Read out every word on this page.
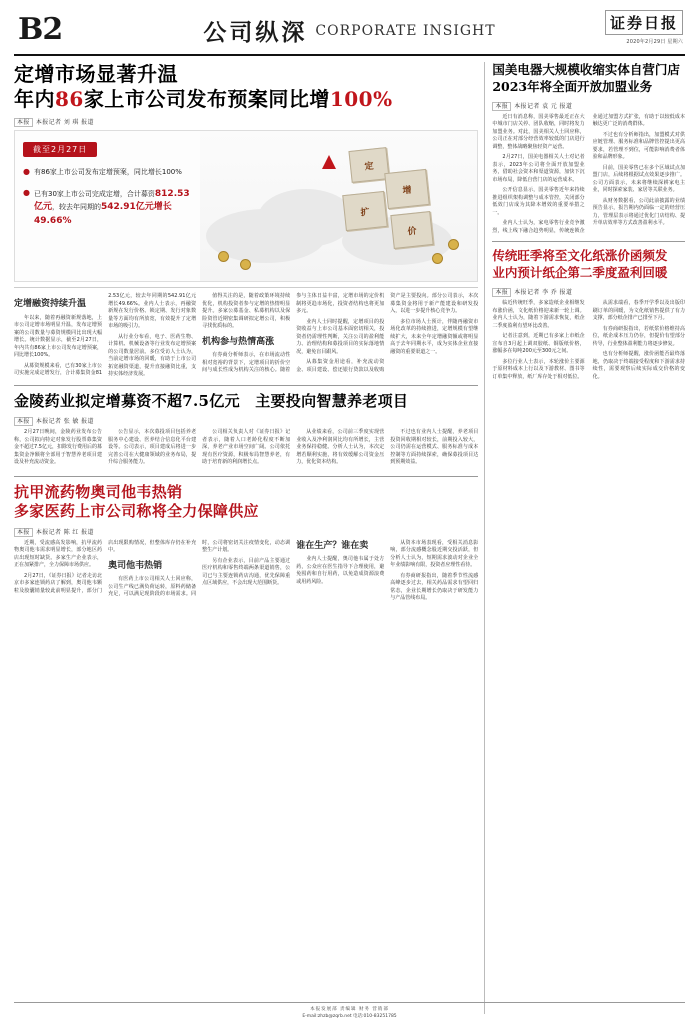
B2	公司纵深 CORPORATE INSIGHT	证券日报
2020年2月29日 星期六
定增市场显著升温
年内86家上市公司发布预案同比增100%
本报 本报记者 刘 琪 报道
截至2月27日
● 有86家上市公司发布定增预案，同比增长100%
● 已有30家上市公司完成定增，合计募资812.53亿元，较去年同期的542.91亿元增长49.66%
定
增
扩
价
定增融资持续升温

年以来，随着再融资新规落地，上市公司定增市场明显升温，发布定增预案的公司数量与募资规模同比出现大幅增长。统计数据显示，截至2月27日，年内共有86家上市公司发布定增预案，同比增长100%。

从募资规模来看，已有30家上市公司实施完成定增发行，合计募集资金812.53亿元，较去年同期的542.91亿元增长49.66%。业内人士表示，再融资新规在发行价格、锁定期、发行对象数量等方面均有所放宽，有效提升了定增市场的吸引力。

从行业分布看，电子、医药生物、计算机、机械设备等行业发布定增预案的公司数量居前。多位受访人士认为，当前定增市场的回暖，有助于上市公司拓宽融资渠道，提升直接融资比重，支持实体经济发展。

值得关注的是，随着政策环境持续优化，机构投资者参与定增的热情明显提升。多家公募基金、私募机构以及保险资管近期密集调研拟定增公司，积极寻找优质标的。

机构参与热情高涨

有券商分析师表示，在市场流动性相对宽裕的背景下，定增项目的折价空间与成长性成为机构关注的核心。随着参与主体日益丰富，定增市场的定价机制将更趋市场化，投资者结构也将更加多元。

业内人士同时提醒，定增项目的投资收益与上市公司基本面密切相关，投资者仍需理性判断，关注公司的盈利能力、治理结构和募投项目的实际落地情况，避免盲目跟风。

从募集资金用途看，补充流动资金、项目建设、偿还银行贷款以及收购资产是主要投向。部分公司表示，本次募集资金将用于新产能建设和研发投入，以进一步提升核心竞争力。

多位市场人士预计，伴随再融资市场化改革的持续推进，定增规模有望继续扩大，未来全年定增融资额或将明显高于去年同期水平，成为实体企业直接融资的重要渠道之一。

金陵药业拟定增募资不超7.5亿元　主要投向智慧养老项目
本报 本报记者 张 敏 报道

2月27日晚间，金陵药业发布公告称，公司拟向特定对象发行股票募集资金不超过7.5亿元，扣除发行费用后的募集资金净额将全部用于智慧养老项目建设及补充流动资金。

公告显示，本次募投项目包括养老服务中心建设、医养结合信息化平台建设等。公司表示，项目建成后将进一步完善公司在大健康领域的业务布局，提升综合服务能力。

公司相关负责人对《证券日报》记者表示，随着人口老龄化程度不断加深，养老产业市场空间广阔。公司依托现有医疗资源，积极布局智慧养老，有助于培育新的利润增长点。

从业绩来看，公司前三季度实现营业收入及净利润同比均有所增长，主营业务保持稳健。分析人士认为，本次定增若顺利实施，将有效缓解公司资金压力，优化资本结构。

不过也有业内人士提醒，养老项目投资回收期相对较长，前期投入较大，公司仍需在运营模式、服务标准与成本控制等方面持续探索，确保募投项目达到预期效益。

抗甲流药物奥司他韦热销
多家医药上市公司称将全力保障供应
本报 本报记者 陈 红 报道

近期，受流感高发影响，抗甲流药物奥司他韦需求明显增长，部分地区药店出现短时缺货。多家生产企业表示，正在加紧排产，全力保障市场供应。

2月27日，《证券日报》记者走访北京市多家连锁药店了解到，奥司他韦颗粒及胶囊销量较此前明显提升，部分门店出现限购情况，但整体库存仍在补充中。

奥司他韦热销

有医药上市公司相关人士回应称，公司生产线已满负荷运转，原料药储备充足，可以满足现阶段的市场需求。同时，公司将密切关注疫情变化，动态调整生产计划。

另有企业表示，目前产品主要通过医疗机构和零售终端两条渠道销售，公司已与主要连锁药店沟通，优先保障重点区域供应，不会出现大范围断货。

谁在生产？谁在卖

业内人士提醒，奥司他韦属于处方药，公众应在医生指导下合理使用，避免囤药和自行用药，以免造成资源浪费或用药风险。

从资本市场表现看，受相关消息影响，部分流感概念股近期交投活跃，但分析人士认为，短期需求波动对企业全年业绩影响有限，投资者应理性看待。

有券商研报指出，随着季节性流感高峰逐步过去，相关药品需求有望回归常态，企业长期增长仍取决于研发能力与产品管线布局。

国美电器大规模收缩实体自营门店
2023年将全面开放加盟业务
本报 本报记者 袁 元 报道

近日有消息称，国美零售最近正在大中城市门店关停、团队收缩，同时将发力加盟业务。对此，国美相关人士回应称，公司正在对部分经营效率较低的门店进行调整，整体战略聚焦轻资产运营。

2月27日，国美电器相关人士对记者表示，2023年公司将全面开放加盟业务，借助社会资本和渠道资源，加快下沉市场布局，降低自营门店的运营成本。

公开信息显示，国美零售近年来持续推进组织架构调整与成本管控，关闭部分低效门店成为其降本增效的重要举措之一。

业内人士认为，家电零售行业竞争激烈，线上线下融合趋势明显，传统连锁企业通过加盟方式扩张，有助于以较低成本触达更广泛的消费群体。

不过也有分析师指出，加盟模式对供应链管理、服务标准和品牌管控提出更高要求，若管理不到位，可能影响消费者体验和品牌形象。

目前，国美零售已在多个区域试点加盟门店，后续将根据试点效果逐步推广。公司方面表示，未来将继续深耕家电主业，同时探索家装、家居等关联业务。

从财务数据看，公司此前披露的业绩预告显示，报告期内仍面临一定的经营压力，管理层表示将通过优化门店结构、提升单店效率等方式改善盈利水平。

传统旺季将至文化纸涨价函频发
业内预计纸企第二季度盈利回暖
本报 本报记者 李 乔 报道

临近传统旺季，多家造纸企业相继发布涨价函，文化纸价格迎来新一轮上调。业内人士认为，随着下游需求恢复，纸企二季度盈利有望环比改善。

记者注意到，近期已有多家上市纸企宣布自3月起上调双胶纸、铜版纸价格，涨幅多在每吨200元至300元之间。

多位行业人士表示，本轮涨价主要源于原材料成本上行以及下游教材、图书等订单集中释放，纸厂库存处于相对低位。

从需求端看，春季开学季以及出版印刷订单的回暖，为文化纸销售提供了有力支撑，部分纸企排产已排至下月。

有券商研报指出，若纸浆价格维持高位，纸企成本压力仍存，但提价有望部分传导，行业整体盈利能力将逐步修复。

也有分析师提醒，涨价函能否最终落地，仍取决于终端接受程度和下游需求持续性，需要观察后续实际成交价格的变化。

本报发展部 责编辑 财务 营销部
E-mail:zhzb@zqrb.net 电话:010-83251785
